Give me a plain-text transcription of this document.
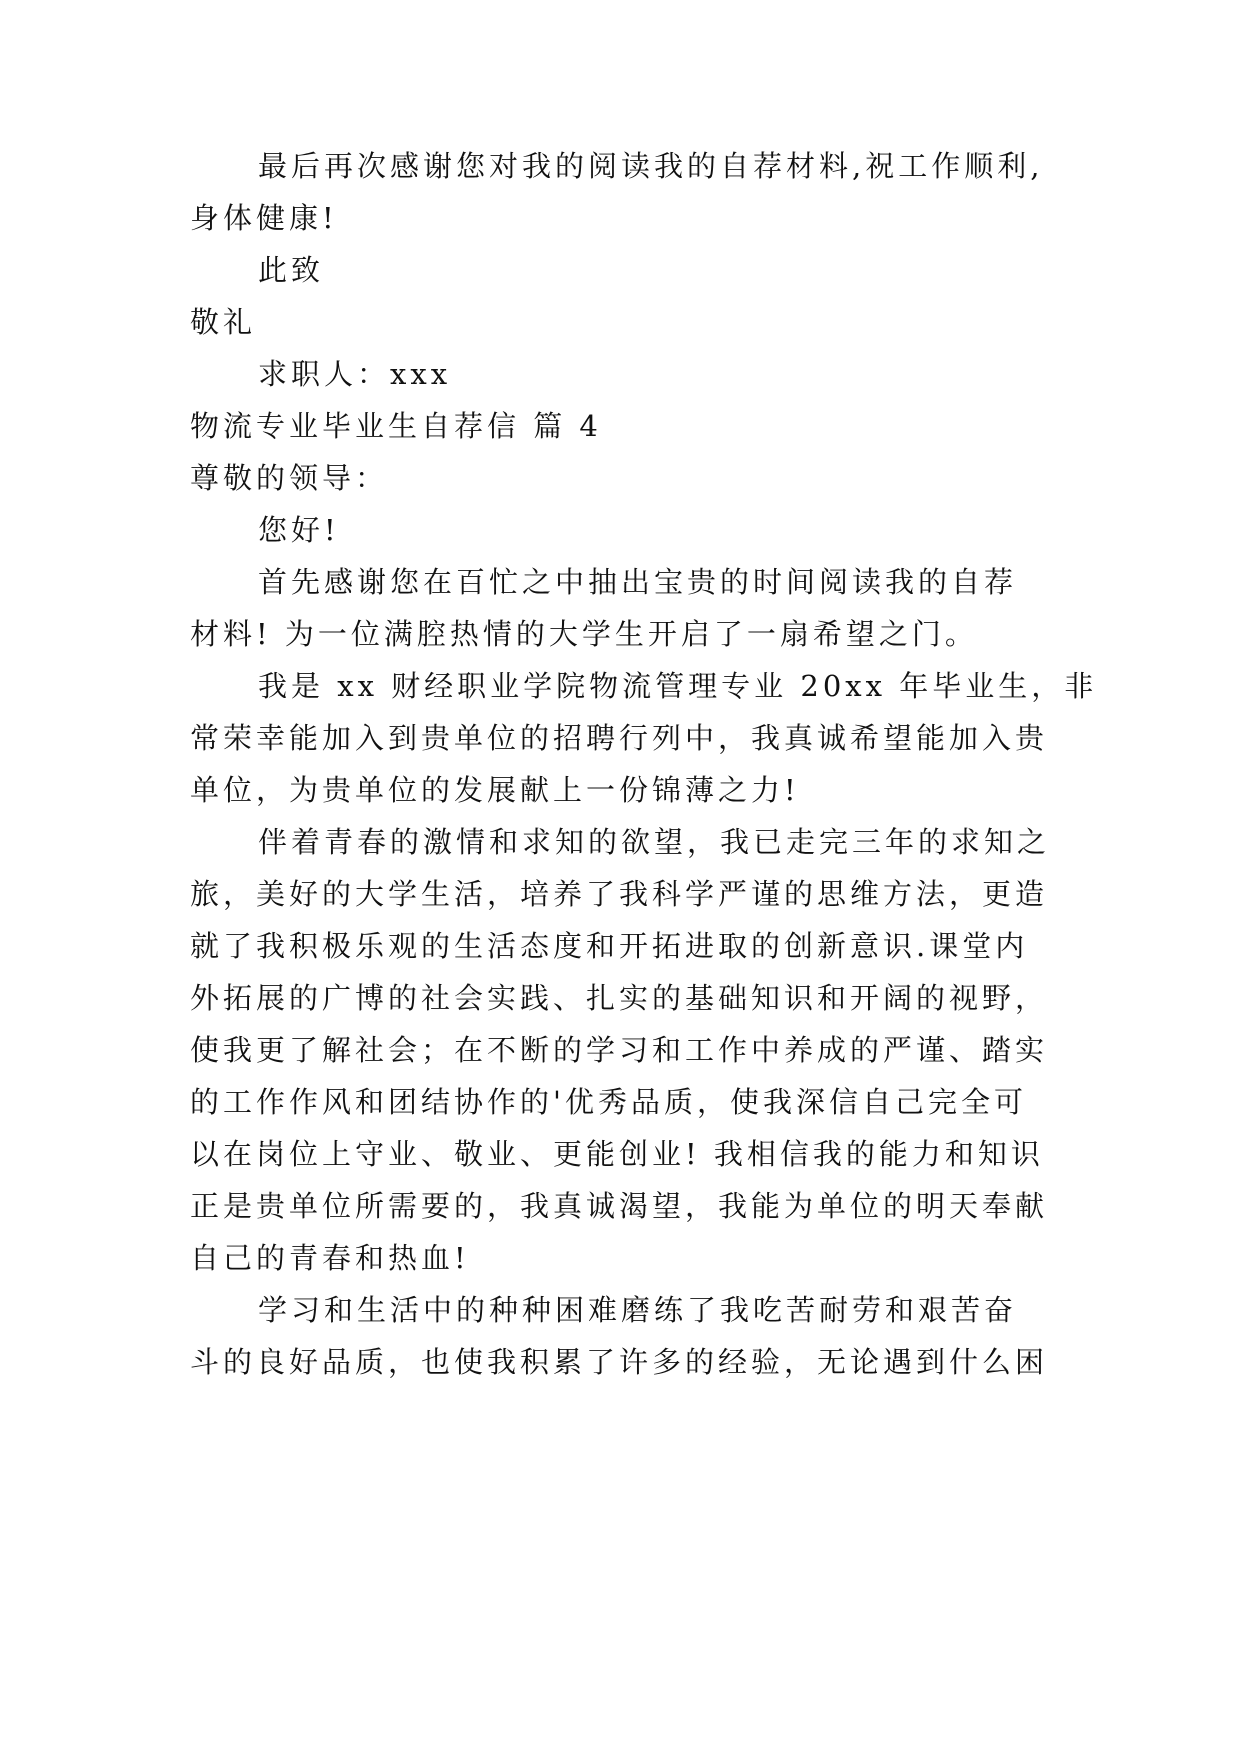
最后再次感谢您对我的阅读我的自荐材料,祝工作顺利,
身体健康!
此致
敬礼
求职人：xxx
物流专业毕业生自荐信 篇 4
尊敬的领导：
您好!
首先感谢您在百忙之中抽出宝贵的时间阅读我的自荐
材料! 为一位满腔热情的大学生开启了一扇希望之门。
我是 xx 财经职业学院物流管理专业 20xx 年毕业生，非
常荣幸能加入到贵单位的招聘行列中，我真诚希望能加入贵
单位，为贵单位的发展献上一份锦薄之力!
伴着青春的激情和求知的欲望，我已走完三年的求知之
旅，美好的大学生活，培养了我科学严谨的思维方法，更造
就了我积极乐观的生活态度和开拓进取的创新意识.课堂内
外拓展的广博的社会实践、扎实的基础知识和开阔的视野，
使我更了解社会；在不断的学习和工作中养成的严谨、踏实
的工作作风和团结协作的'优秀品质，使我深信自己完全可
以在岗位上守业、敬业、更能创业! 我相信我的能力和知识
正是贵单位所需要的，我真诚渴望，我能为单位的明天奉献
自己的青春和热血!
学习和生活中的种种困难磨练了我吃苦耐劳和艰苦奋
斗的良好品质，也使我积累了许多的经验，无论遇到什么困
